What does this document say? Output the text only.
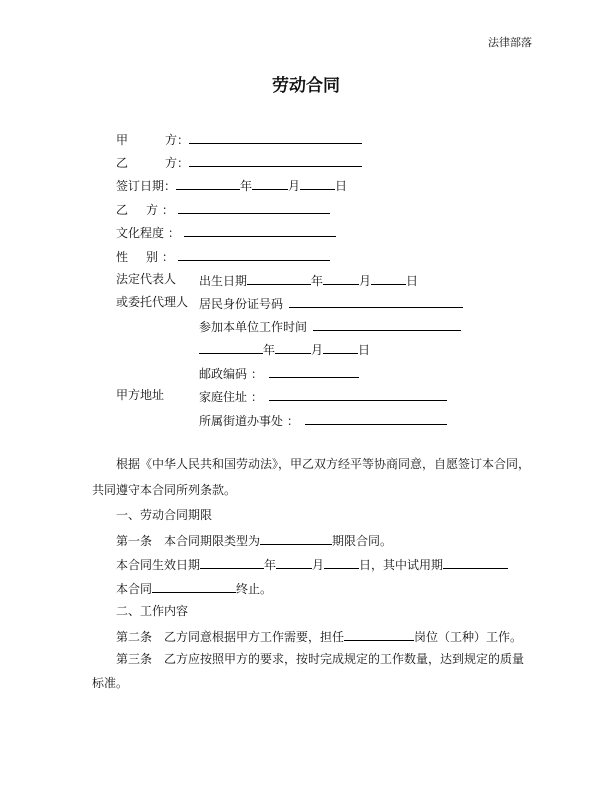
法律部落
劳动合同
甲	方：
乙	方：
签订日期：	年	月	日
乙 方 ：
文化程度 ：
性 别 ：
法定代表人 出生日期	年	月	日
或委托代理人 居民身份证号码
参加本单位工作时间
年	月	日
邮政编码 ：
甲方地址	家庭住址 ：
所属街道办事处 ：
根据《中华人民共和国劳动法》，甲乙双方经平等协商同意，自愿签订本合同，
共同遵守本合同所列条款。
一、劳动合同期限
第一条　本合同期限类型为	期限合同。
本合同生效日期	年	月	日，其中试用期
本合同	终止。
二、工作内容
第二条　乙方同意根据甲方工作需要，担任	岗位（工种）工作。
第三条　乙方应按照甲方的要求，按时完成规定的工作数量，达到规定的质量
标准。
